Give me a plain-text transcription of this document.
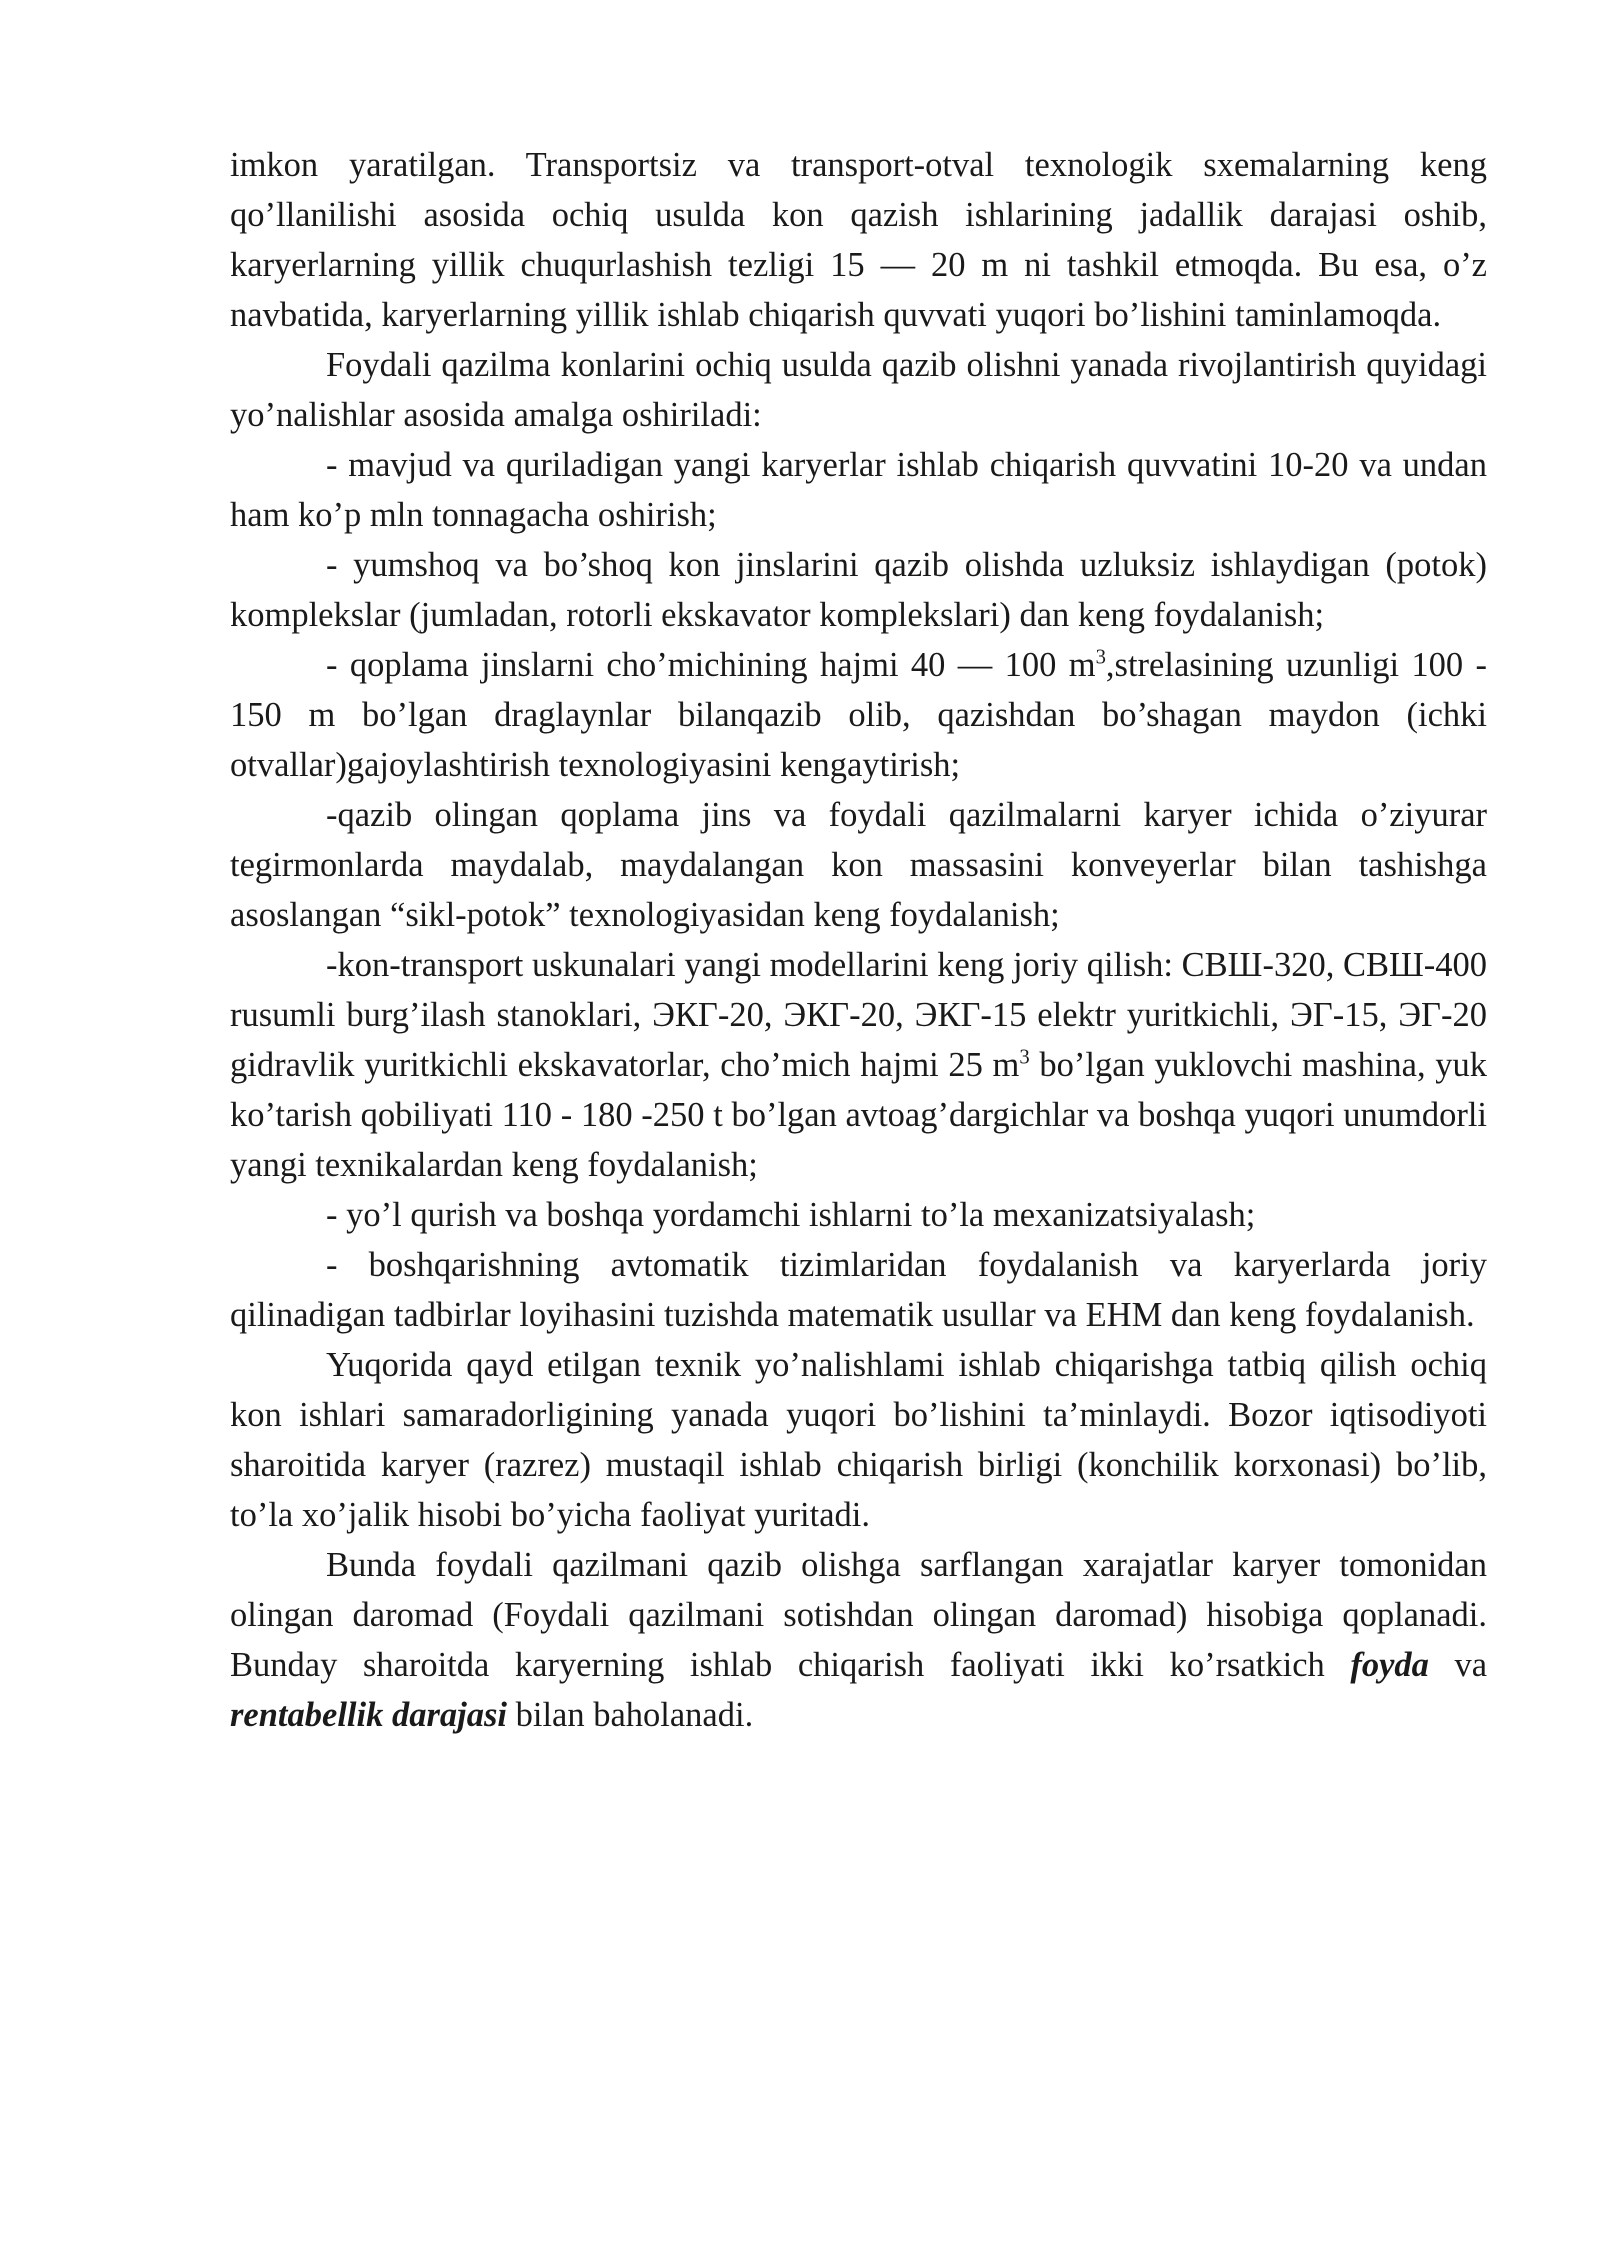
imkon yaratilgan. Transportsiz va transport-otval texnologik sxemalarning keng qo’llanilishi asosida ochiq usulda kon qazish ishlarining jadallik darajasi oshib, karyerlarning yillik chuqurlashish tezligi 15 — 20 m ni tashkil etmoqda. Bu esa, o’z navbatida, karyerlarning yillik ishlab chiqarish quvvati yuqori bo’lishini taminlamoqda.

Foydali qazilma konlarini ochiq usulda qazib olishni yanada rivojlantirish quyidagi yo’nalishlar asosida amalga oshiriladi:

- mavjud va quriladigan yangi karyerlar ishlab chiqarish quvvatini 10-20 va undan ham ko’p mln tonnagacha oshirish;

- yumshoq va bo’shoq kon jinslarini qazib olishda uzluksiz ishlaydigan (potok) komplekslar (jumladan, rotorli ekskavator komplekslari) dan keng foydalanish;

- qoplama jinslarni cho’michining hajmi 40 — 100 $m^3,strelasining$ uzunligi 100 - 150 m bo’lgan draglaynlar bilanqazib olib, qazishdan bo’shagan maydon (ichki otvallar)gajoylashtirish texnologiyasini kengaytirish;

-qazib olingan qoplama jins va foydali qazilmalarni karyer ichida o’ziyurar tegirmonlarda maydalab, maydalangan kon massasini konveyerlar bilan tashishga asoslangan “sikl-potok” texnologiyasidan keng foydalanish;

-kon-transport uskunalari yangi modellarini keng joriy qilish: СВШ-320, СВШ-400 rusumli burg’ilash stanoklari, ЭКГ-20, ЭКГ-20, ЭКГ-15 elektr yuritkichli, ЭГ-15, ЭГ-20 gidravlik yuritkichli ekskavatorlar, cho’mich hajmi 25 $m^3$ bo’lgan yuklovchi mashina, yuk ko’tarish qobiliyati 110 - 180 -250 t bo’lgan avtoag’dargichlar va boshqa yuqori unumdorli yangi texnikalardan keng foydalanish;

- yo’l qurish va boshqa yordamchi ishlarni to’la mexanizatsiyalash;

- boshqarishning avtomatik tizimlaridan foydalanish va karyerlarda joriy qilinadigan tadbirlar loyihasini tuzishda matematik usullar va EHM dan keng foydalanish.

Yuqorida qayd etilgan texnik yo’nalishlami ishlab chiqarishga tatbiq qilish ochiq kon ishlari samaradorligining yanada yuqori bo’lishini ta’minlaydi. Bozor iqtisodiyoti sharoitida karyer (razrez) mustaqil ishlab chiqarish birligi (konchilik korxonasi) bo’lib, to’la xo’jalik hisobi bo’yicha faoliyat yuritadi.

Bunda foydali qazilmani qazib olishga sarflangan xarajatlar karyer tomonidan olingan daromad (Foydali qazilmani sotishdan olingan daromad) hisobiga qoplanadi. Bunday sharoitda karyerning ishlab chiqarish faoliyati ikki ko’rsatkich foyda va rentabellik darajasi bilan baholanadi.
